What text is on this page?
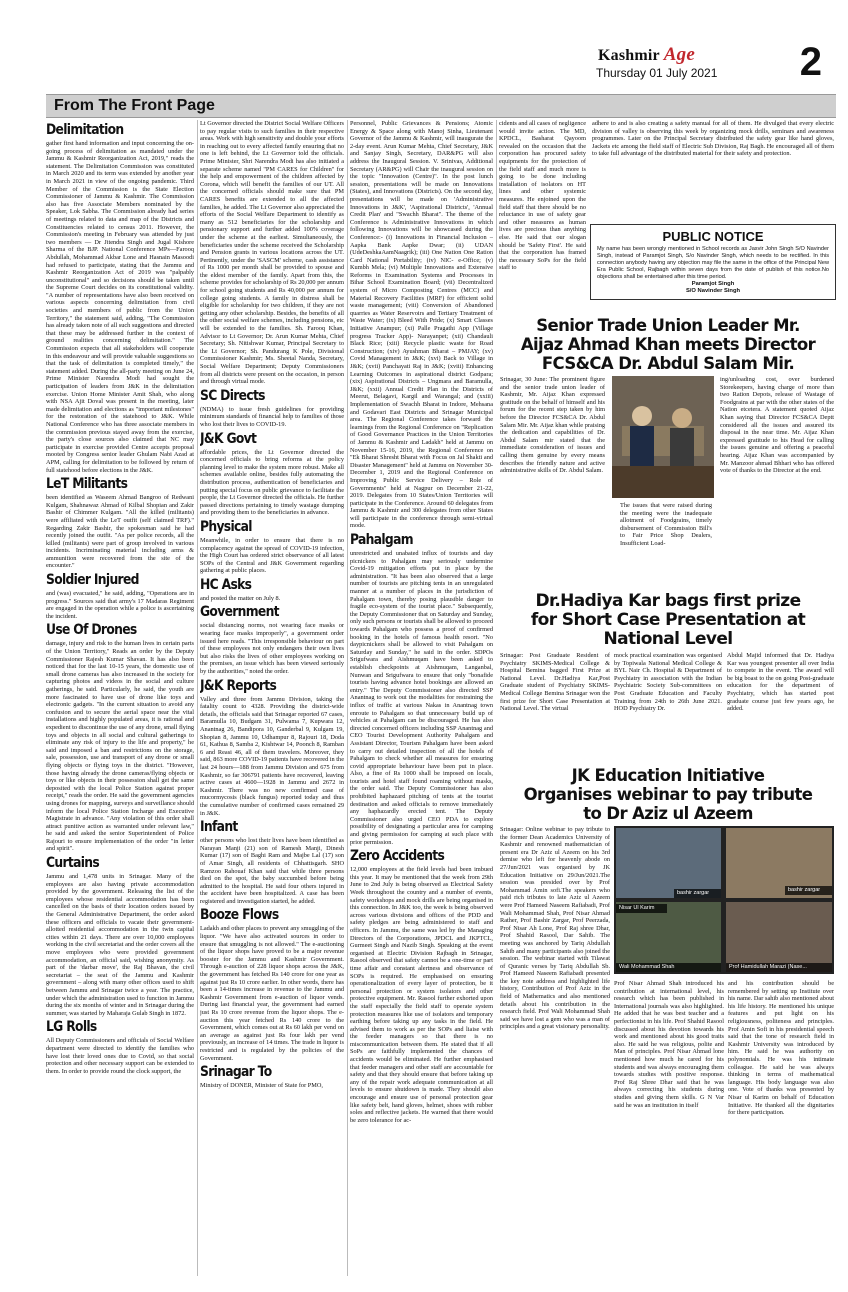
Kashmir Age
Thursday 01 July 2021 2
From The Front Page
Delimitation

gather first hand information and input concerning the on-going process of delimitation as mandated under the Jammu & Kashmir Reorganization Act, 2019," reads the statement. The Delimitation Commission was constituted in March 2020 and its term was extended by another year in March 2021 in view of the ongoing pandemic. Third Member of the Commission is the State Election Commissioner of Jammu & Kashmir. The Commission also has five Associate Members nominated by the Speaker, Lok Sabha. The Commission already had series of meetings related to data and map of the Districts and Constituencies related to census 2011. However, the Commission's meeting in February was attended by just two members — Dr Jitendra Singh and Jugal Kishore Sharma of the BJP. National Conference MPs—Farooq Abdullah, Mohammad Akbar Lone and Hasnain Masoodi had refused to participate, stating that the Jammu and Kashmir Reorganization Act of 2019 was "palpably unconstitutional" and so decisions should be taken until the Supreme Court decides on its constitutional validity. "A number of representations have also been received on various aspects concerning delimitation from civil societies and members of public from the Union Territory," the statement said, adding, "The Commission has already taken note of all such suggestions and directed that these may be addressed further in the context of ground realities concerning delimitation." The Commission expects that all stakeholders will cooperate in this endeavour and will provide valuable suggestions so that the task of delimitation is completed timely," the statement added. During the all-party meeting on June 24, Prime Minister Narendra Modi had sought the participation of leaders from J&K in the delimitation exercise. Union Home Minister Amit Shah, who along with NSA Ajit Doval was present in the meeting, later made delimitation and elections as "important milestones" for the restoration of the statehood to J&K. While National Conference who has three associate members in the commission previous stayed away from the exercise, the party's close sources also claimed that NC may participate in exercise provided Centre accepts proposal mooted by Congress senior leader Ghulam Nabi Azad at APM, calling for delimitation to be followed by return of full statehood before elections in the J&K.

LeT Militants

been identified as Waseem Ahmad Bangroo of Redwani Kulgam, Shahnawaz Ahmad of Kilbal Shopian and Zakir Bashir of Chimmer Kulgam. "All the killed (militants) were affiliated with the LeT outfit (self claimed TRF)." Regarding Zakir Bashir, the spokesman said he had recently joined the outfit. "As per police records, all the killed (militants) were part of group involved in various incidents. Incriminating material including arms & ammunition were recovered from the site of the encounter."

Soldier Injured

and (was) evacuated," he said, adding, "Operations are in progress." Sources said that army's 17 Madaras Regiment are engaged in the operation while a police is ascertaining the incident.

Use Of Drones

damage, injury and risk to the human lives in certain parts of the Union Territory," Reads an order by the Deputy Commissioner Rajesh Kumar Shavan. It has also been noticed that for the last 10-15 years, the domestic use of small drone cameras has also increased in the society for capturing photos and videos in the social and culture gatherings, he said. Particularly, he said, the youth are more fascinated to have use of drone like toys and electronic gadgets. "In the current situation to avoid any confusion and to secure the aerial space near the vital installations and highly populated areas, it is rational and expedient to discontinue the use of any drone, small flying toys and objects in all social and cultural gatherings to eliminate any risk of injury to the life and property," he said and imposed a ban and restrictions on the storage, sale, possession, use and transport of any drone or small flying objects or flying toys in the district. "However, those having already the drone cameras/flying objects or toys or like objects in their possession shall get the same deposited with the local Police Station against proper receipt," reads the order. He said the government agencies using drones for mapping, surveys and surveillance should inform the local Police Station Incharge and Executive Magistrate in advance. "Any violation of this order shall attract punitive action as warranted under relevant law," he said and asked the senior Superintendent of Police Rajouri to ensure implementation of the order "in letter and spirit".

Curtains

Jammu and 1,478 units in Srinagar. Many of the employees are also having private accommodation provided by the government. Releasing the list of the employees whose residential accommodation has been cancelled on the basis of their location orders issued by the General Administrative Department, the order asked these officers and officials to vacate their government-allotted residential accommodation in the twin capital cities within 21 days. There are over 10,000 employees working in the civil secretariat and the order covers all the move employees who were provided government accommodation, an official said, wishing anonymity. As part of the 'darbar move', the Raj Bhavan, the civil secretariat – the seat of the Jammu and Kashmir government – along with many other offices used to shift between Jammu and Srinagar twice a year. The practice, under which the administration used to function in Jammu during the six months of winter and in Srinagar during the summer, was started by Maharaja Gulab Singh in 1872.

LG Rolls

All Deputy Commissioners and officials of Social Welfare department were directed to identify the families who have lost their loved ones due to Covid, so that social protection and other necessary support can be extended to them. In order to provide round the clock support, the

Lt Governor directed the District Social Welfare Officers to pay regular visits to such families in their respective areas. Work with high sensitivity and double your efforts in reaching out to every affected family ensuring that no one is left behind, the Lt Governor told the officials. Prime Minister, Shri Narendra Modi has also initiated a separate scheme named "PM CARES for Children" for the help and empowerment of the children affected by Corona, which will benefit the families of our UT. All the concerned officials should make sure that PM CARES benefits are extended to all the affected families, he added. The Lt Governor also appreciated the efforts of the Social Welfare Department to identify as many as 512 beneficiaries for the scholarship and pensionary support and further added 100% coverage under the scheme at the earliest. Simultaneously, the beneficiaries under the scheme received the Scholarship and Pension grants in various locations across the UT. Pertinently, under the 'SASCM' scheme, cash assistance of Rs 1000 per month shall be provided to spouse and the eldest member of the family. Apart from this, the scheme provides for scholarship of Rs 20,000 per annum for school going students and Rs 40,000 per annum for college going students. A family in distress shall be eligible for scholarship for two children, if they are not getting any other scholarship. Besides, the benefits of all the other social welfare schemes, including pensions, etc will be extended to the families. Sh. Farooq Khan, Advisor to Lt Governor; Dr. Arun Kumar Mehta, Chief Secretary; Sh. Nitishwar Kumar, Principal Secretary to the Lt Governor; Sh. Pandurang K Pole, Divisional Commissioner Kashmir; Ms. Sheetal Nanda, Secretary, Social Welfare Department; Deputy Commissioners from all districts were present on the occasion, in person and through virtual mode.

SC Directs

(NDMA) to issue fresh guidelines for providing minimum standards of financial help to families of those who lost their lives to COVID-19.

J&K Govt

affordable prices, the Lt Governor directed the concerned officials to bring reforms at the policy planning level to make the system more robust. Make all schemes available online, besides fully automating the distribution process, authentication of beneficiaries and putting special focus on public grievance to facilitate the people, the Lt Governor directed the officials. He further passed directions pertaining to timely wastage dumping and providing them to the beneficiaries in advance.

Physical

Meanwhile, in order to ensure that there is no complacency against the spread of COVID-19 infection, the High Court has ordered strict observance of all latest SOPs of the Central and J&K Government regarding gathering at public places.

HC Asks

and posted the matter on July 8.

Government

social distancing norms, not wearing face masks or wearing face masks improperly", a government order issued here reads. "This irresponsible behaviour on part of these employees not only endangers their own lives but also risks the lives of other employees working on the premises, an issue which has been viewed seriously by the authorities," noted the order.

J&K Reports

Valley and three from Jammu Division, taking the fatality count to 4328. Providing the district-wide details, the officials said that Srinagar reported 67 cases, Baramulla 10, Budgam 31, Pulwama 7, Kupwara 12, Anantnag 26, Bandipora 10, Ganderbal 9, Kulgam 19, Shopian 8, Jammu 10, Udhampur 8, Rajouri 18, Doda 61, Kathua 8, Samba 2, Kishtwar 14, Poonch 8, Ramban 6 and Reasi 46, all of them travelers. Moreover, they said, 863 more COVID-19 patients have recovered in the last 24 hours—188 from Jammu Division and 675 from Kashmir, so far 306791 patients have recovered, leaving active cases at 4600—1928 in Jammu and 2672 in Kashmir. There was no new confirmed case of mucormycosis (black fungus) reported today and thus the cumulative number of confirmed cases remained 29 in J&K.

Infant

other persons who lost their lives have been identified as Narayan Manji (21) son of Ramesh Manji, Dinesh Kumar (17) son of Baghi Ram and Majbe Lal (17) son of Amar Singh, all residents of Chhattisgarh. SHO Ramzoo Rahouaf Khan said that while three persons died on the spot, the baby succumbed before being admitted to the hospital. He said four others injured in the accident have been hospitalized. A case has been registered and investigation started, he added.

Booze Flows

Ladakh and other places to prevent any smuggling of the liquor. "We have also activated sources in order to ensure that smuggling is not allowed." The e-auctioning of the liquor shops have proved to be a major revenue booster for the Jammu and Kashmir Government. Through e-auction of 228 liquor shops across the J&K, the government has fetched Rs 140 crore for one year as against just Rs 10 crore earlier. In other words, there has been a 14-times increase in revenue to the Jammu and Kashmir Government from e-auction of liquor vends. During last financial year, the government had earned just Rs 10 crore revenue from the liquor shops. The e-auction this year fetched Rs 140 crore to the Government, which comes out at Rs 60 lakh per vend on an average as against just Rs four lakh per vend previously, an increase of 14 times. The trade in liquor is restricted and is regulated by the policies of the Government.

Srinagar To

Ministry of DONER, Minister of State for PMO,

Personnel, Public Grievances & Pensions; Atomic Energy & Space along with Manoj Sinha, Lieutenant Governor of the Jammu & Kashmir, will inaugurate the 2-day event. Arun Kumar Mehta, Chief Secretary, J&K and Sanjay Singh, Secretary, DAR&PG will also address the Inaugural Session. V. Srinivas, Additional Secretary (AR&PG) will Chair the inaugural session on the topic "Innovation (Centre)". In the post lunch session, presentations will be made on Innovations (States), and Innovations (Districts). On the second day, presentations will be made on 'Administrative Innovations in J&K', 'Aspirational Districts', 'Annual Credit Plan' and "Swachh Bharat". The theme of the Conference is Administrative Innovations in which following Innovations will be showcased during the Conference:- (i) Innovations in Financial Inclusion – Aapka Bank Aapke Dwar; (ii) UDAN (UdeDeshkaAamNaagrik); (iii) One Nation One Ration Card National Portability; (iv) NIC- e-Office; (v) Kumbh Mela; (vi) Multiple Innovations and Extensive Reforms in Examination Systems and Processes in Bihar School Examination Board; (vii) Decentralized system of Micro Composting Centres (MCC) and Material Recovery Facilities (MRF) for efficient solid waste management; (viii) Conversion of Abandoned quarries as Water Reservoirs and Tertiary Treatment of Waste Water; (ix) Bleed With Pride; (x) Smart Classes Initiative Anampur; (xi) Palle Pragathi App (Village progress Tracker App)- Narayanpet; (xii) Chandauli Black Rice; (xiii) Recycle plastic waste for Road Construction; (xiv) Ayushman Bharat – PMJAY; (xv) Covid Management in J&K; (xvi) Back to Village in J&K; (xvii) Panchayati Raj in J&K; (xviii) Enhancing Learning Outcomes in aspirational district Godpara; (xix) Aspirational Districts – Ungmara and Baramulla, J&K; (xxii) Annual Credit Plan in the Districts of Meerut, Belagavi, Kargil and Warangal; and (xxiii) Implementation of Swachh Bharat in Indore, Mehsana and Godavari East Districts and Srinagar Municipal area. The Regional Conference takes forward the learnings from the Regional Conference on "Replication of Good Governance Practices in the Union Territories of Jammu & Kashmir and Ladakh" held at Jammu on November 15-16, 2019, the Regional Conference on "Ek Bharat Shresht Bharat with Focus on Jal Shakti and Disaster Management" held at Jammu on November 30-December 1, 2019 and the Regional Conference on Improving Public Service Delivery – Role of Governments" held at Nagpur on December 21-22, 2019. Delegates from 10 States/Union Territories will participate in the Conference. Around 60 delegates from Jammu & Kashmir and 300 delegates from other States will participate in the conference through semi-virtual mode.

Pahalgam

unrestricted and unabated influx of tourists and day picnickers to Pahalgam may seriously undermine Covid-19 mitigation efforts put in place by the administration. "It has been also observed that a large number of tourists are pitching tents in an unregulated manner at a number of places in the jurisdiction of Pahalgam town, thereby posing plausible danger to fragile eco-system of the tourist place." Subsequently, the Deputy Commissioner that on Saturday and Sunday, only such persons or tourists shall be allowed to proceed towards Pahalgam who possess a proof of confirmed booking in the hotels of famous health resort. "No daypicnickers shall be allowed to visit Pahalgam on Saturday and Sunday," he said in the order. SDPOs Srigufwara and Aishmuqam have been asked to establish checkpoints at Aishmuqam, Langanbal, Nunwan and Srigufwara to ensure that only "bonafide tourists having advance hotel bookings are allowed an entry." The Deputy Commissioner also directed SSP Anantnag to work out the modalities for restraining the influx of traffic at various Nakas in Anantnag town enroute to Pahalgam so that unnecessary build up of vehicles at Pahalgam can be discouraged. He has also directed concerned officers including SSP Anantnag and CEO Tourist Development Authority Pahalgam and Assistant Director, Tourism Pahalgam have been asked to carry out detailed inspection of all the hotels of Pahalgam to check whether all measures for ensuring covid appropriate behaviour have been put in place. Also, a fine of Rs 1000 shall be imposed on locals, tourists and hotel staff found roaming without masks, the order said. The Deputy Commissioner has also prohibited haphazard pitching of tents at the tourist destination and asked officials to remove immediately any haphazardly erected tent. The Deputy Commissioner also urged CEO PDA to explore possibility of designating a particular area for camping and giving permission for camping at such place with prior permission.

Zero Accidents

12,000 employees at the field levels had been imbued this year. It may be mentioned that the week from 29th June to 2nd July is being observed as Electrical Safety Week throughout the country and a number of events, safety workshops and mock drills are being organised in this connection. In J&K too, the week is being observed across various divisions and offices of the PDD and safety pledges are being administered to staff and officers. In Jammu, the same was led by the Managing Directors of the Corporations, JPDCL and JKPTCL, Gurmeet Singh and Nazib Singh. Speaking at the event organised at Electric Division Rajbagh in Srinagar, Rasool observed that safety cannot be a one-time or part time affair and constant alertness and observance of SOPs is required. He emphasised on ensuring operationalization of every layer of protection, be it personal protection or system isolators and other protective equipment. Mr. Rasool further exhorted upon the staff especially the field staff to operate system protection measures like use of isolators and temporary earthing before taking up any tasks in the field. He advised them to work as per the SOPs and liaise with the feeder managers so that there is no miscommunication between them. He stated that if all SoPs are faithfully implemented the chances of accidents would be eliminated. He further emphasised that feeder managers and other staff are accountable for safety and that they should ensure that before taking up any of the repair work adequate communication at all levels to ensure shutdown is made. They should also encourage and ensure use of personal protection gear like safety belt, hand gloves, helmet, shoes with rubber soles and reflective jackets. He warned that there would be zero tolerance for ac-

cidents and all cases of negligence would invite action. The MD, KPDCL, Basharat Qayoom revealed on the occasion that the corporation has procured safety equipments for the protection of the field staff and much more is going to be done including installation of isolators on HT lines and other systemic measures. He enjoined upon the field staff that there should be no reluctance in use of safety gear and other measures as human lives are precious than anything else. He said that our slogan should be 'Safety First'. He said that the corporation has framed the necessary SoPs for the field staff to

adhere to and is also creating a safety manual for all of them. He divulged that every electric division of valley is observing this week by organizing mock drills, seminars and awareness programmes. Later on the Principal Secretary distributed the safety gear like hand gloves, Jackets etc among the field staff of Electric Sub Division, Raj Bagh. He encouraged all of them to take full advantage of the distributed material for their safety and protection.

PUBLIC NOTICE
My name has been wrongly mentioned in School records as Jasvir John Singh S/O Navinder Singh, instead of Paramjot Singh, S/o Navinder Singh, which needs to be rectified. In this connection anybody having any objection may file the same in the office of the Principal New Era Public School, Rajbagh within seven days from the date of publish of this notice.No objections shall be entertained after this time period.
Paramjot Singh
S/O Navinder Singh
Senior Trade Union Leader Mr.
Aijaz Ahmad Khan meets Director
FCS&CA Dr. Abdul Salam Mir.

Srinagar, 30 June: The prominent figure and the senior trade union leader of Kashmir, Mr. Aijaz Khan expressed gratitude on the behalf of himself and his forum for the recent step taken by him before the Director FCS&CA Dr. Abdul Salam Mir. Mr. Aijaz khan while praising the dedication and capabilities of Dr. Abdul Salam mir stated that the immediate consideration of issues and calling them genuine by every means describes the friendly nature and active administrative skills of Dr. Abdul Salam.

The issues that were raised during the meeting were the inadequate allotment of Foodgrains, timely disbursement of Commission Bill's to Fair Price Shop Dealers, Insufficient Load-

ing/unloading cost, over burdened Storekeepers, having charge of more than two Ration Depots, release of Wastage of Foodgrains at par with the other states of the Nation etcetera. A statement quoted Aijaz Khan saying that Director FCS&CA Deptt considered all the issues and assured its disposal in the near time. Mr. Aijaz Khan expressed gratitude to his Head for calling the issues genuine and offering a peaceful hearing. Aijaz Khan was accompanied by Mr. Manzoor ahmad Bhhari who has offered vote of thanks to the Director at the end.

Dr.Hadiya Kar bags first prize
for Short Case Presentation at
National Level

Srinagar: Post Graduate Resident of Psychiatry SKIMS-Medical College & Hospital Bemina bagged First Prize at National Level. Dr.Hadiya Kar,Post Graduate student of Psychiatry SKIMS-Medical College Bemina Srinagar won the first prize for Short Case Presentation at National Level. The virtual

mock practical examination was organised by Topiwala National Medical College & BYL Nair Ch. Hospital & Department of Psychiatry in association with the Indian Psychiatric Society Sub-committees on Post Graduate Education and Faculty Training from 24th to 26th June 2021. HOD Psychiatry Dr.

Abdul Majid informed that Dr. Hadiya Kar was youngest presenter all over India to compete in the event. The award will be big boast to the on going Post-graduate education for the department of Psychiatry, which has started post graduate course just few years ago, he added.

JK Education Initiative
Organises webinar to pay tribute
to Dr Aziz ul Azeem

Srinagar: Online webinar to pay tribute to the former Dean Academics University of Kashmir and renowned mathematician of present era Dr Aziz ul Azeem on his 3rd demise who left for heavenly abode on 27/Jun/2021 was organised by JK Education Initiative on 29/Jun/2021.The session was presided over by Prof Mohammad Amin sofi.The speakers who paid rich tributes to late Aziz ul Azeem were Prof Hameed Naseem Rafiabadi, Prof Wali Mohammad Shah, Prof Nisar Ahmad Rather, Prof Bashir Zargar, Prof Peerzada, Prof Nisar Ah Lone, Prof Raj shree Dhar, Prof Shahid Rasool, Dar Sahib. The meeting was anchored by Tariq Abdullah Sahib and many participants also joined the session. The webinar started with Tilawat of Quranic verses by Tariq Abdullah Sb. Prof Hameed Naseem Rafiabadi presented the key note address and highlighted life history, Contribution of Prof Aziz in the field of Mathematics and also mentioned details about his contribution in the research field. Prof Wali Mohammad Shah said we have lost a gem who was a man of principles and a great visionary personality.

bashir zargar	bashir zargar
Nisar Ul Karim
Wali Mohammad Shah	Prof Hamidullah Marazi (Nase...

Prof Nisar Ahmad Shah introduced his contribution at international level, his research which has been published in International journals was also highlighted. He added that he was best teacher and a perfectionist in his life. Prof Shahid Rasool discussed about his devotion towards his work and mentioned about his good traits also. He said he was religious, polite and Man of principles. Prof Nisar Ahmad lone mentioned how much he cared for his students and was always encouraging them towards studies with positive response. Prof Raj Shree Dhar said that he was always correcting his students during studies and giving them skills. G N Var said he was an institution in itself

and his contribution should be remembered by setting up Institute over his name. Dar sahib also mentioned about his life history. He mentioned his unique features and put light on his religiousness, politeness and principles. Prof Amin Sofi in his presidential speech said that the tone of research field in Kashmir University was introduced by him. He said he was authority on polynomials. He was his intimate colleague. He said he was always thinking in terms of mathematical language. His body language was also one. Vote of thanks was presented by Nisar ul Karim on behalf of Education Initiative. He thanked all the dignitaries for there participation.
